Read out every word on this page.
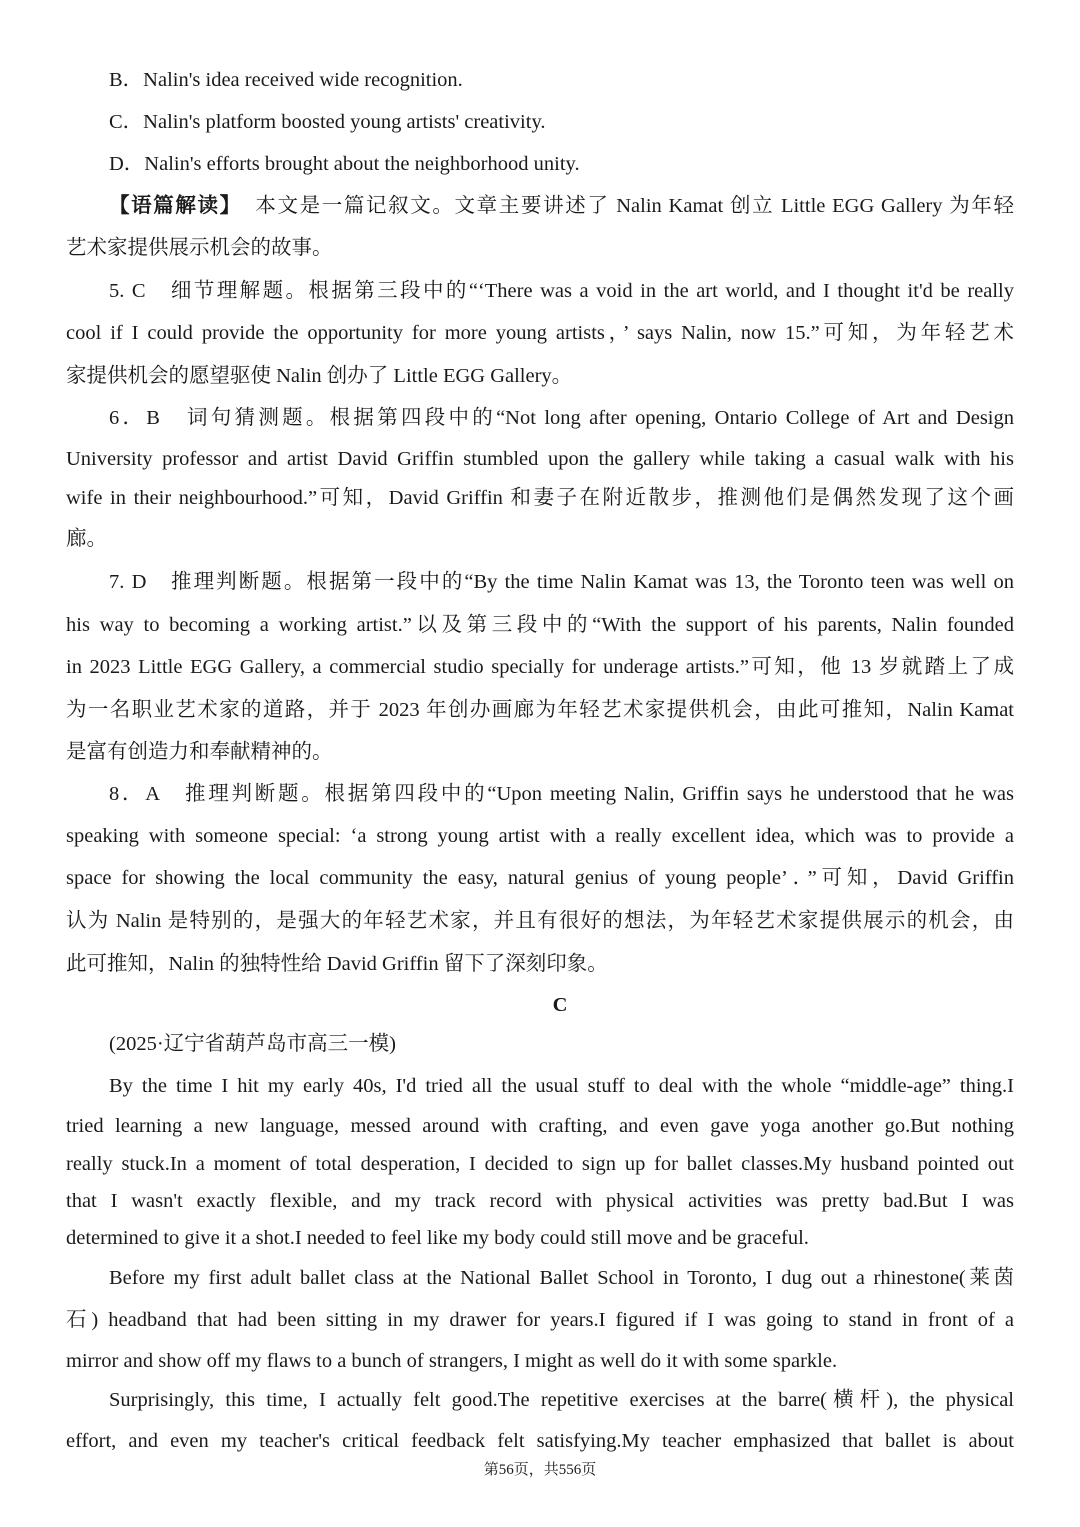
B．Nalin's idea received wide recognition.
C．Nalin's platform boosted young artists' creativity.
D．Nalin's efforts brought about the neighborhood unity.
【语篇解读】 本文是一篇记叙文。文章主要讲述了 Nalin Kamat 创立 Little EGG Gallery 为年轻
艺术家提供展示机会的故事。
5. C　细节理解题。根据第三段中的“‘There was a void in the art world, and I thought it'd be really
cool if I could provide the opportunity for more young artists，’ says Nalin, now 15.”可知，为年轻艺术
家提供机会的愿望驱使 Nalin 创办了 Little EGG Gallery。
6．B　词句猜测题。根据第四段中的“Not long after opening, Ontario College of Art and Design
University professor and artist David Griffin stumbled upon the gallery while taking a casual walk with his
wife in their neighbourhood.”可知，David Griffin 和妻子在附近散步，推测他们是偶然发现了这个画
廊。
7. D　推理判断题。根据第一段中的“By the time Nalin Kamat was 13, the Toronto teen was well on
his way to becoming a working artist.”以及第三段中的“With the support of his parents, Nalin founded
in 2023 Little EGG Gallery, a commercial studio specially for underage artists.”可知，他 13 岁就踏上了成
为一名职业艺术家的道路，并于 2023 年创办画廊为年轻艺术家提供机会，由此可推知，Nalin Kamat
是富有创造力和奉献精神的。
8．A　推理判断题。根据第四段中的“Upon meeting Nalin, Griffin says he understood that he was
speaking with someone special: ‘a strong young artist with a really excellent idea, which was to provide a
space for showing the local community the easy, natural genius of young people’．”可知，David Griffin
认为 Nalin 是特别的，是强大的年轻艺术家，并且有很好的想法，为年轻艺术家提供展示的机会，由
此可推知，Nalin 的独特性给 David Griffin 留下了深刻印象。
C
(2025·辽宁省葫芦岛市高三一模)
By the time I hit my early 40s, I'd tried all the usual stuff to deal with the whole “middle-age” thing.I
tried learning a new language, messed around with crafting, and even gave yoga another go.But nothing
really stuck.In a moment of total desperation, I decided to sign up for ballet classes.My husband pointed out
that I wasn't exactly flexible, and my track record with physical activities was pretty bad.But I was
determined to give it a shot.I needed to feel like my body could still move and be graceful.
Before my first adult ballet class at the National Ballet School in Toronto, I dug out a rhinestone(莱茵
石) headband that had been sitting in my drawer for years.I figured if I was going to stand in front of a
mirror and show off my flaws to a bunch of strangers, I might as well do it with some sparkle.
Surprisingly, this time, I actually felt good.The repetitive exercises at the barre(横杆), the physical
effort, and even my teacher's critical feedback felt satisfying.My teacher emphasized that ballet is about
第56页，共556页
